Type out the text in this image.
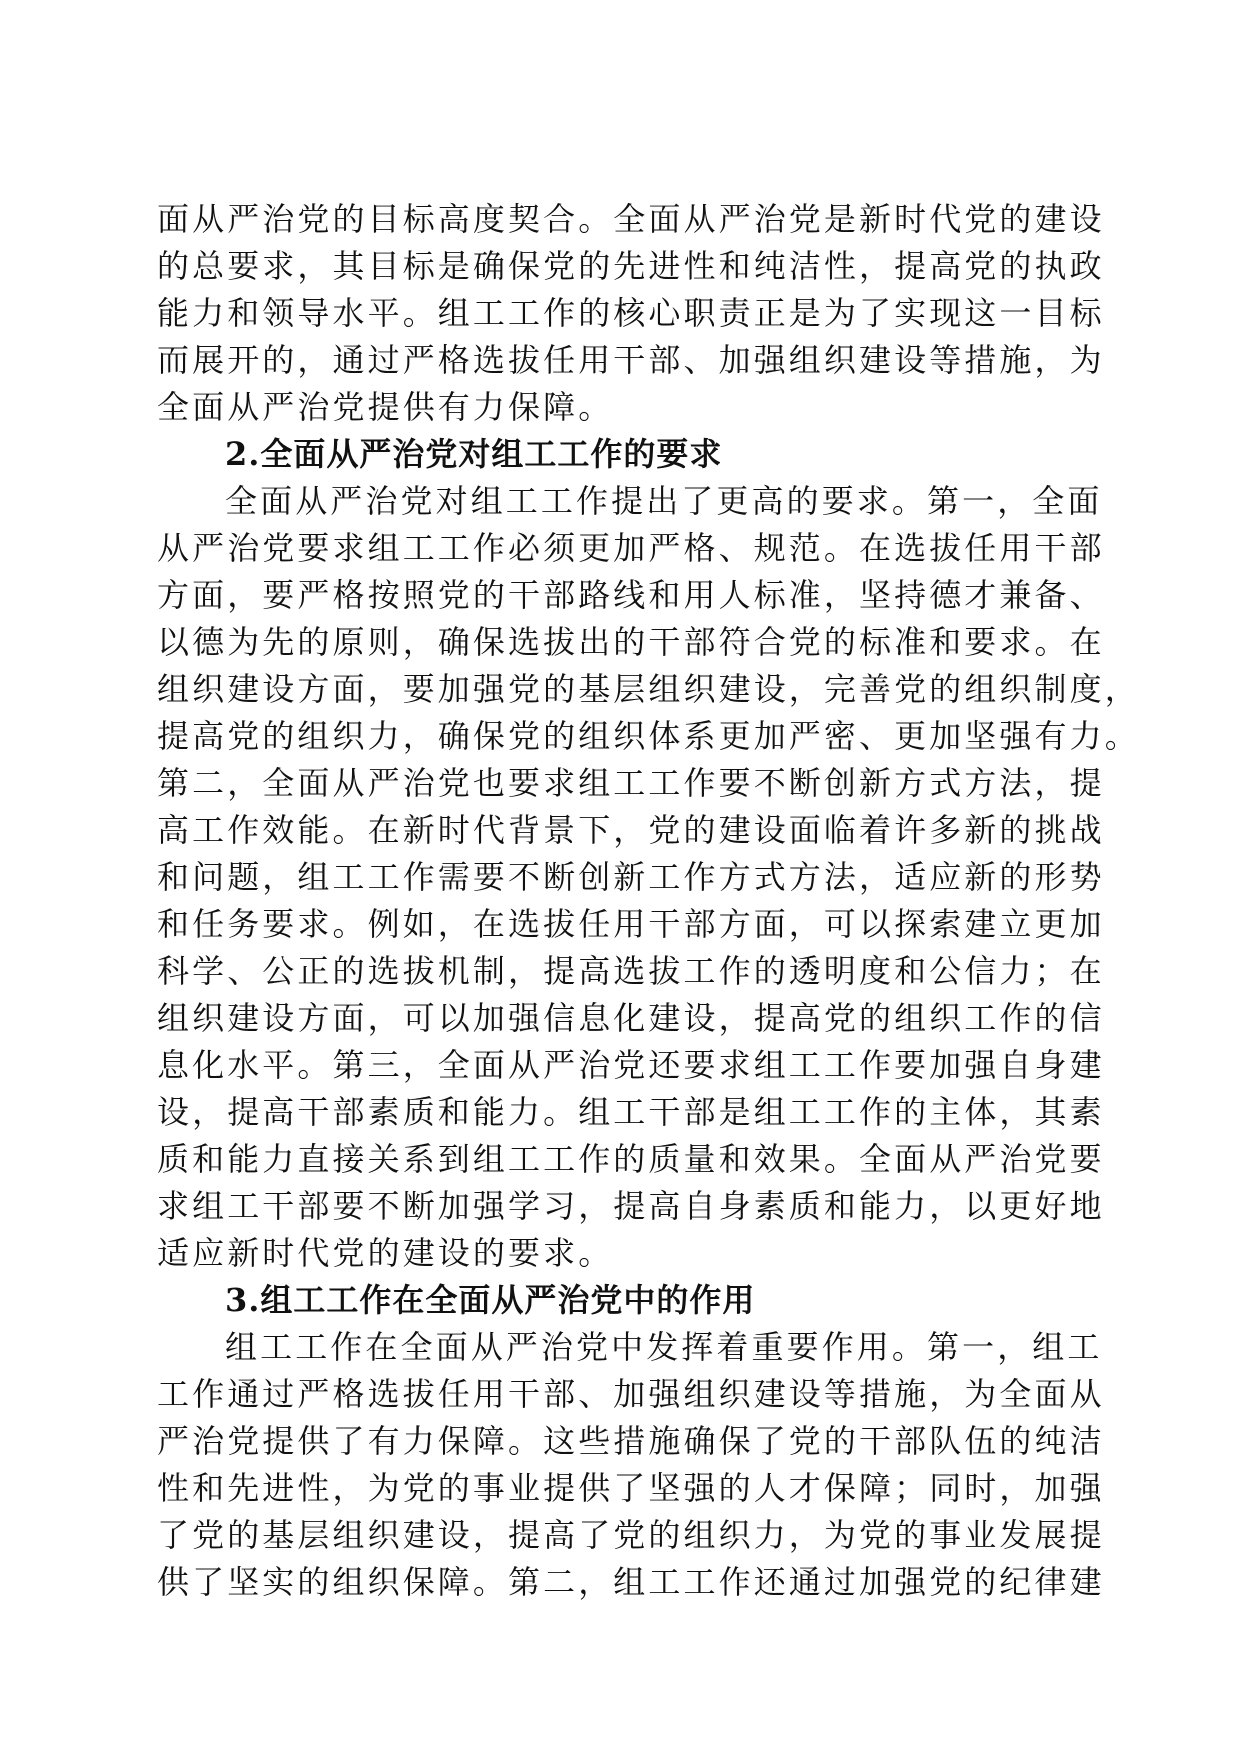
面从严治党的目标高度契合。全面从严治党是新时代党的建设
的总要求，其目标是确保党的先进性和纯洁性，提高党的执政
能力和领导水平。组工工作的核心职责正是为了实现这一目标
而展开的，通过严格选拔任用干部、加强组织建设等措施，为
全面从严治党提供有力保障。
2.全面从严治党对组工工作的要求
全面从严治党对组工工作提出了更高的要求。第一，全面
从严治党要求组工工作必须更加严格、规范。在选拔任用干部
方面，要严格按照党的干部路线和用人标准，坚持德才兼备、
以德为先的原则，确保选拔出的干部符合党的标准和要求。在
组织建设方面，要加强党的基层组织建设，完善党的组织制度，
提高党的组织力，确保党的组织体系更加严密、更加坚强有力。
第二，全面从严治党也要求组工工作要不断创新方式方法，提
高工作效能。在新时代背景下，党的建设面临着许多新的挑战
和问题，组工工作需要不断创新工作方式方法，适应新的形势
和任务要求。例如，在选拔任用干部方面，可以探索建立更加
科学、公正的选拔机制，提高选拔工作的透明度和公信力；在
组织建设方面，可以加强信息化建设，提高党的组织工作的信
息化水平。第三，全面从严治党还要求组工工作要加强自身建
设，提高干部素质和能力。组工干部是组工工作的主体，其素
质和能力直接关系到组工工作的质量和效果。全面从严治党要
求组工干部要不断加强学习，提高自身素质和能力，以更好地
适应新时代党的建设的要求。
3.组工工作在全面从严治党中的作用
组工工作在全面从严治党中发挥着重要作用。第一，组工
工作通过严格选拔任用干部、加强组织建设等措施，为全面从
严治党提供了有力保障。这些措施确保了党的干部队伍的纯洁
性和先进性，为党的事业提供了坚强的人才保障；同时，加强
了党的基层组织建设，提高了党的组织力，为党的事业发展提
供了坚实的组织保障。第二，组工工作还通过加强党的纪律建
